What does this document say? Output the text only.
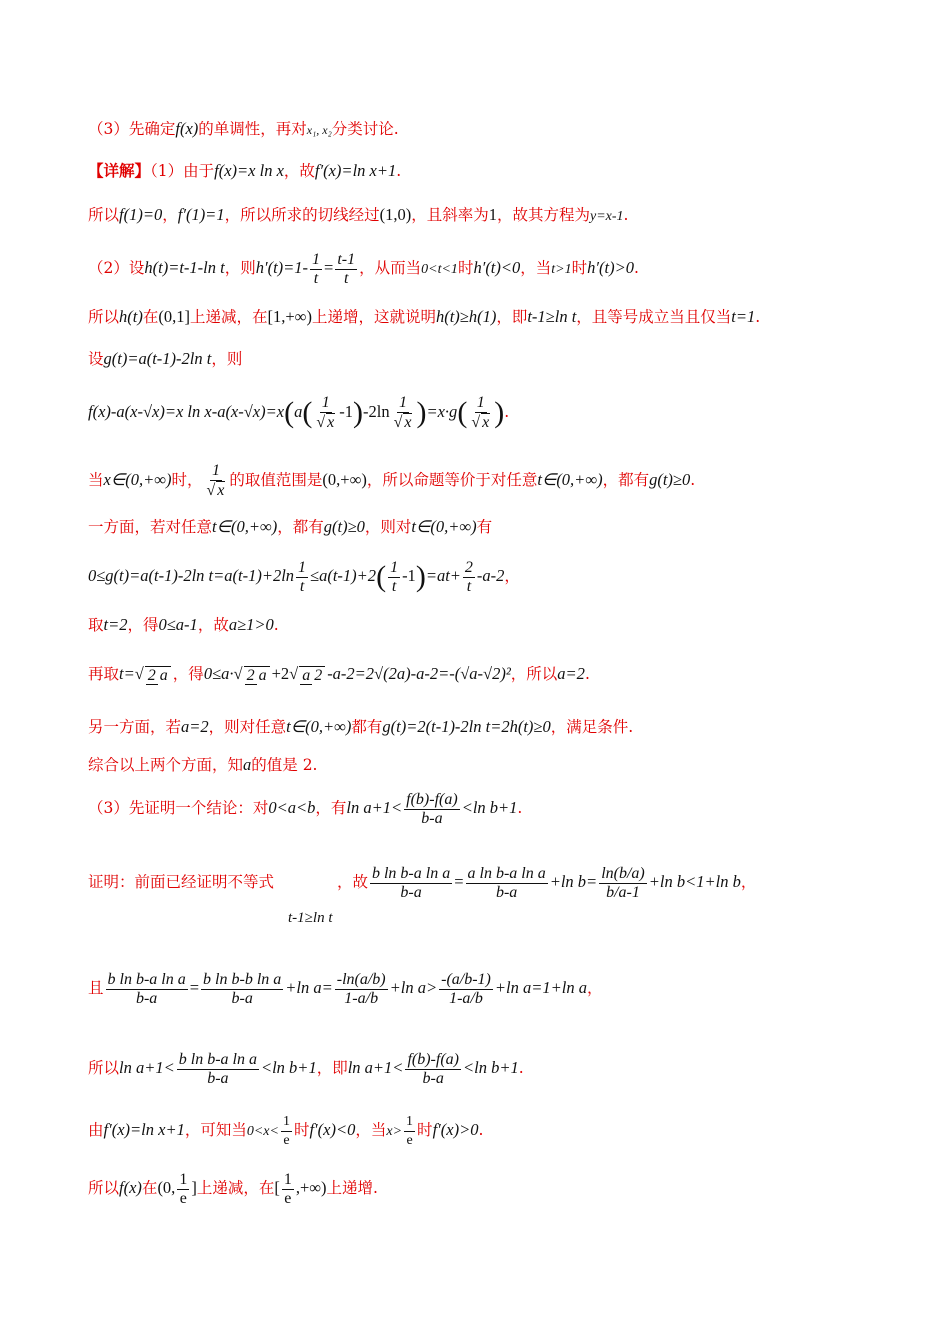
（3）先确定f(x)的单调性，再对x₁, x₂分类讨论.
【详解】（1）由于f(x)=x ln x，故f′(x)=ln x+1.
所以f(1)=0，f′(1)=1，所以所求的切线经过(1,0)，且斜率为1，故其方程为y=x-1.
（2）设h(t)=t-1-ln t，则$h'(t)=1- \frac{1}{t} = \frac{t-1}{t}$ ，从而当0<t<1时h′(t)<0，当t>1时h′(t)>0.
所以h(t)在(0,1]上递减，在[1,+∞)上递增，这就说明h(t)≥h(1)，即t-1≥ln t，且等号成立当且仅当t=1.
设g(t)=a(t-1)-2ln t，则
f(x)-a(x-√x)=x $\ln x-a(x-√x)=x(a( \frac{1}{√ x} -1)-2\ln \frac{1}{√ x} )=x\cdot g( \frac{1}{√ x}$ ).
当x∈(0,+∞)时， $\frac{1}{√ x}$ 的取值范围是(0,+∞)，所以命题等价于对任意t∈(0,+∞)，都有g(t)≥0.
一方面，若对任意t∈(0,+∞)，都有g(t)≥0，则对t∈(0,+∞)有
0≤g(t)=a(t-1)-2ln $t=a(t-1)+2\ln \frac{1}{t} \le a(t-1)+2( \frac{1}{t} -1)=at+ \frac{2}{t} -a-2$，
取t=2，得0≤a-1，故a≥1>0.
再取t=√ 2 a ，得0≤a·√ 2 a +2√ a 2 -a-2=2√(2a)-a-2=-(√a-√2)²，所以a=2.
另一方面，若a=2，则对任意t∈(0,+∞)都有g(t)=2(t-1)-2ln t=2h(t)≥0，满足条件.
综合以上两个方面，知a的值是 2.
（3）先证明一个结论：对0<a<b，有$\ln a+1< \frac{f(b)-f(a)}{b-a} <\ln$ b+1.
证明：前面已经证明不等式
t-1≥ln t
，故 $\frac{\text{b ln b-a ln a}}{b-a} = \frac{\text{a ln b-a ln a}}{b-a} +\ln$ $b= \frac{\ln(b/a)}{b/a-1} +\ln$ b<1+ln b，
且 $\frac{\text{b ln b-a ln a}}{b-a} = \frac{\text{b ln b-b ln a}}{b-a} +\ln$ $a= \frac{-\ln(a/b)}{1-a/b} +\ln$ $a> \frac{-(a/b-1)}{1-a/b} +\ln$ a=1+ln a，
所以$\ln a+1< \frac{\text{b ln b-a ln a}}{b-a} <\ln$ b+1，即$\ln a+1< \frac{f(b)-f(a)}{b-a} <\ln$ b+1.
由f′(x)=ln x+1，可知当$0<x< \frac{1}{e}$ 时f′(x)<0，当$x> \frac{1}{e}$ 时f′(x)>0.
所以f(x)在(0, $\frac{1}{e}$ ]上递减，在[ $\frac{1}{e}$ ,+∞)上递增.
